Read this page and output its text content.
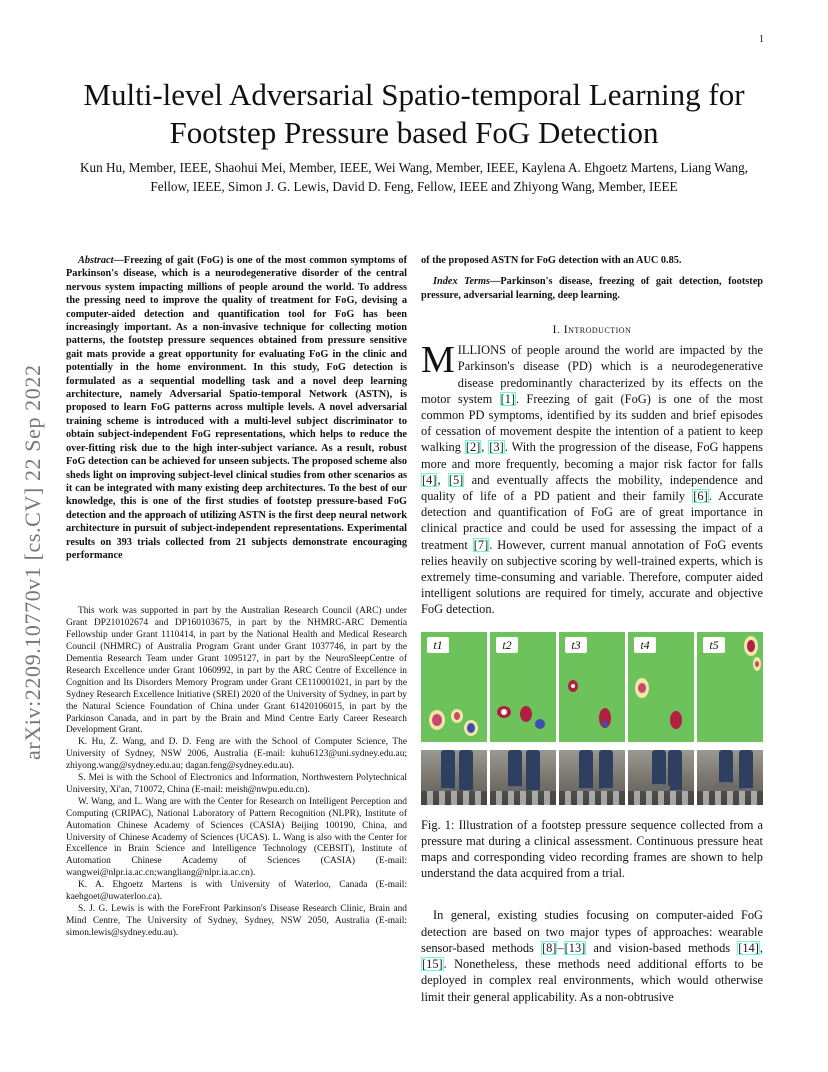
1
arXiv:2209.10770v1 [cs.CV] 22 Sep 2022
Multi-level Adversarial Spatio-temporal Learning for Footstep Pressure based FoG Detection
Kun Hu, Member, IEEE, Shaohui Mei, Member, IEEE, Wei Wang, Member, IEEE, Kaylena A. Ehgoetz Martens, Liang Wang, Fellow, IEEE, Simon J. G. Lewis, David D. Feng, Fellow, IEEE and Zhiyong Wang, Member, IEEE

Abstract—Freezing of gait (FoG) is one of the most common symptoms of Parkinson's disease, which is a neurodegenerative disorder of the central nervous system impacting millions of people around the world. To address the pressing need to improve the quality of treatment for FoG, devising a computer-aided detection and quantification tool for FoG has been increasingly important. As a non-invasive technique for collecting motion patterns, the footstep pressure sequences obtained from pressure sensitive gait mats provide a great opportunity for evaluating FoG in the clinic and potentially in the home environment. In this study, FoG detection is formulated as a sequential modelling task and a novel deep learning architecture, namely Adversarial Spatio-temporal Network (ASTN), is proposed to learn FoG patterns across multiple levels. A novel adversarial training scheme is introduced with a multi-level subject discriminator to obtain subject-independent FoG representations, which helps to reduce the over-fitting risk due to the high inter-subject variance. As a result, robust FoG detection can be achieved for unseen subjects. The proposed scheme also sheds light on improving subject-level clinical studies from other scenarios as it can be integrated with many existing deep architectures. To the best of our knowledge, this is one of the first studies of footstep pressure-based FoG detection and the approach of utilizing ASTN is the first deep neural network architecture in pursuit of subject-independent representations. Experimental results on 393 trials collected from 21 subjects demonstrate encouraging performance

This work was supported in part by the Australian Research Council (ARC) under Grant DP210102674 and DP160103675, in part by the NHMRC-ARC Dementia Fellowship under Grant 1110414, in part by the National Health and Medical Research Council (NHMRC) of Australia Program Grant under Grant 1037746, in part by the Dementia Research Team under Grant 1095127, in part by the NeuroSleepCentre of Research Excellence under Grant 1060992, in part by the ARC Centre of Excellence in Cognition and Its Disorders Memory Program under Grant CE110001021, in part by the Sydney Research Excellence Initiative (SREI) 2020 of the University of Sydney, in part by the Natural Science Foundation of China under Grant 61420106015, in part by the Parkinson Canada, and in part by the Brain and Mind Centre Early Career Research Development Grant.

K. Hu, Z. Wang, and D. D. Feng are with the School of Computer Science, The University of Sydney, NSW 2006, Australia (E-mail: kuhu6123@uni.sydney.edu.au; zhiyong.wang@sydney.edu.au; dagan.feng@sydney.edu.au).

S. Mei is with the School of Electronics and Information, Northwestern Polytechnical University, Xi'an, 710072, China (E-mail: meish@nwpu.edu.cn).

W. Wang, and L. Wang are with the Center for Research on Intelligent Perception and Computing (CRIPAC), National Laboratory of Pattern Recognition (NLPR), Institute of Automation Chinese Academy of Sciences (CASIA) Beijing 100190, China, and University of Chinese Academy of Sciences (UCAS). L. Wang is also with the Center for Excellence in Brain Science and Intelligence Technology (CEBSIT), Institute of Automation Chinese Academy of Sciences (CASIA) (E-mail: wangwei@nlpr.ia.ac.cn;wangliang@nlpr.ia.ac.cn).

K. A. Ehgoetz Martens is with University of Waterloo, Canada (E-mail: kaehgoet@uwaterloo.ca).

S. J. G. Lewis is with the ForeFront Parkinson's Disease Research Clinic, Brain and Mind Centre, The University of Sydney, Sydney, NSW 2050, Australia (E-mail: simon.lewis@sydney.edu.au).

of the proposed ASTN for FoG detection with an AUC 0.85.

Index Terms—Parkinson's disease, freezing of gait detection, footstep pressure, adversarial learning, deep learning.

I. Introduction

MILLIONS of people around the world are impacted by the Parkinson's disease (PD) which is a neurodegenerative disease predominantly characterized by its effects on the motor system [1]. Freezing of gait (FoG) is one of the most common PD symptoms, identified by its sudden and brief episodes of cessation of movement despite the intention of a patient to keep walking [2], [3]. With the progression of the disease, FoG happens more and more frequently, becoming a major risk factor for falls [4], [5] and eventually affects the mobility, independence and quality of life of a PD patient and their family [6]. Accurate detection and quantification of FoG are of great importance in clinical practice and could be used for assessing the impact of a treatment [7]. However, current manual annotation of FoG events relies heavily on subjective scoring by well-trained experts, which is extremely time-consuming and variable. Therefore, computer aided intelligent solutions are required for timely, accurate and objective FoG detection.

t1	t2	t3	t4	t5
Fig. 1: Illustration of a footstep pressure sequence collected from a pressure mat during a clinical assessment. Continuous pressure heat maps and corresponding video recording frames are shown to help understand the data acquired from a trial.

In general, existing studies focusing on computer-aided FoG detection are based on two major types of approaches: wearable sensor-based methods [8]–[13] and vision-based methods [14], [15]. Nonetheless, these methods need additional efforts to be deployed in complex real environments, which would otherwise limit their general applicability. As a non-obtrusive
